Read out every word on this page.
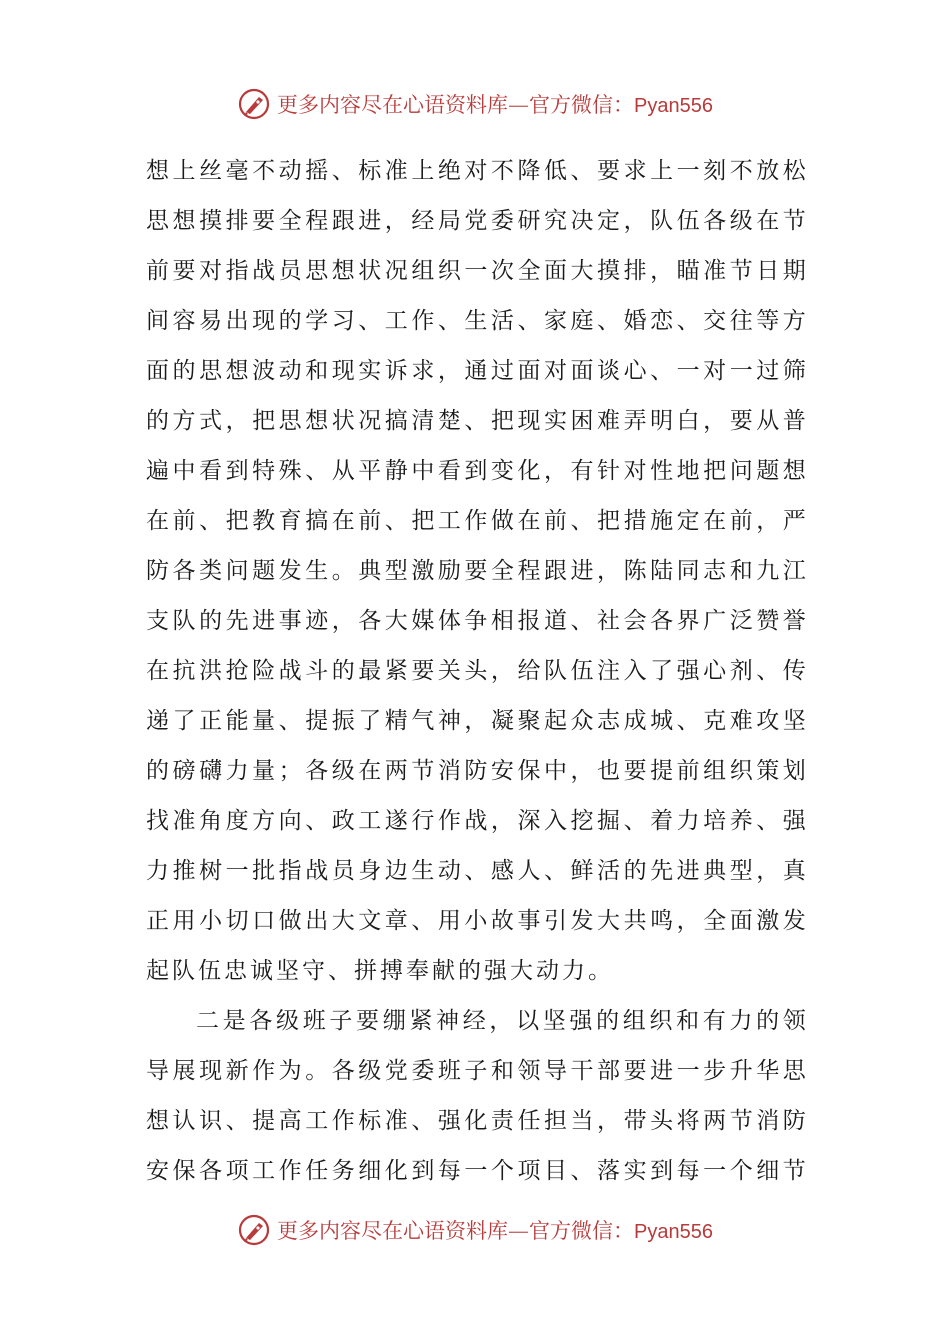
更多内容尽在心语资料库—官方微信：Pyan556
想 上 丝 毫 不 动 摇 、 标 准 上 绝 对 不 降 低 、 要 求 上 一 刻 不 放 松
思 想 摸 排 要 全 程 跟 进 ， 经 局 党 委 研 究 决 定 ， 队 伍 各 级 在 节
前 要 对 指 战 员 思 想 状 况 组 织 一 次 全 面 大 摸 排 ， 瞄 准 节 日 期
间 容 易 出 现 的 学 习 、 工 作 、 生 活 、 家 庭 、 婚 恋 、 交 往 等 方
面 的 思 想 波 动 和 现 实 诉 求 ， 通 过 面 对 面 谈 心 、 一 对 一 过 筛
的 方 式 ， 把 思 想 状 况 搞 清 楚 、 把 现 实 困 难 弄 明 白 ， 要 从 普
遍 中 看 到 特 殊 、 从 平 静 中 看 到 变 化 ， 有 针 对 性 地 把 问 题 想
在 前 、 把 教 育 搞 在 前 、 把 工 作 做 在 前 、 把 措 施 定 在 前 ， 严
防 各 类 问 题 发 生 。 典 型 激 励 要 全 程 跟 进 ， 陈 陆 同 志 和 九 江
支 队 的 先 进 事 迹 ， 各 大 媒 体 争 相 报 道 、 社 会 各 界 广 泛 赞 誉
在 抗 洪 抢 险 战 斗 的 最 紧 要 关 头 ， 给 队 伍 注 入 了 强 心 剂 、 传
递 了 正 能 量 、 提 振 了 精 气 神 ， 凝 聚 起 众 志 成 城 、 克 难 攻 坚
的 磅 礴 力 量 ； 各 级 在 两 节 消 防 安 保 中 ， 也 要 提 前 组 织 策 划
找 准 角 度 方 向 、 政 工 遂 行 作 战 ， 深 入 挖 掘 、 着 力 培 养 、 强
力 推 树 一 批 指 战 员 身 边 生 动 、 感 人 、 鲜 活 的 先 进 典 型 ， 真
正 用 小 切 口 做 出 大 文 章 、 用 小 故 事 引 发 大 共 鸣 ， 全 面 激 发
起 队 伍 忠 诚 坚 守 、 拼 搏 奉 献 的 强 大 动 力 。
二 是 各 级 班 子 要 绷 紧 神 经 ， 以 坚 强 的 组 织 和 有 力 的 领
导 展 现 新 作 为 。 各 级 党 委 班 子 和 领 导 干 部 要 进 一 步 升 华 思
想 认 识 、 提 高 工 作 标 准 、 强 化 责 任 担 当 ， 带 头 将 两 节 消 防
安 保 各 项 工 作 任 务 细 化 到 每 一 个 项 目 、 落 实 到 每 一 个 细 节
更多内容尽在心语资料库—官方微信：Pyan556
